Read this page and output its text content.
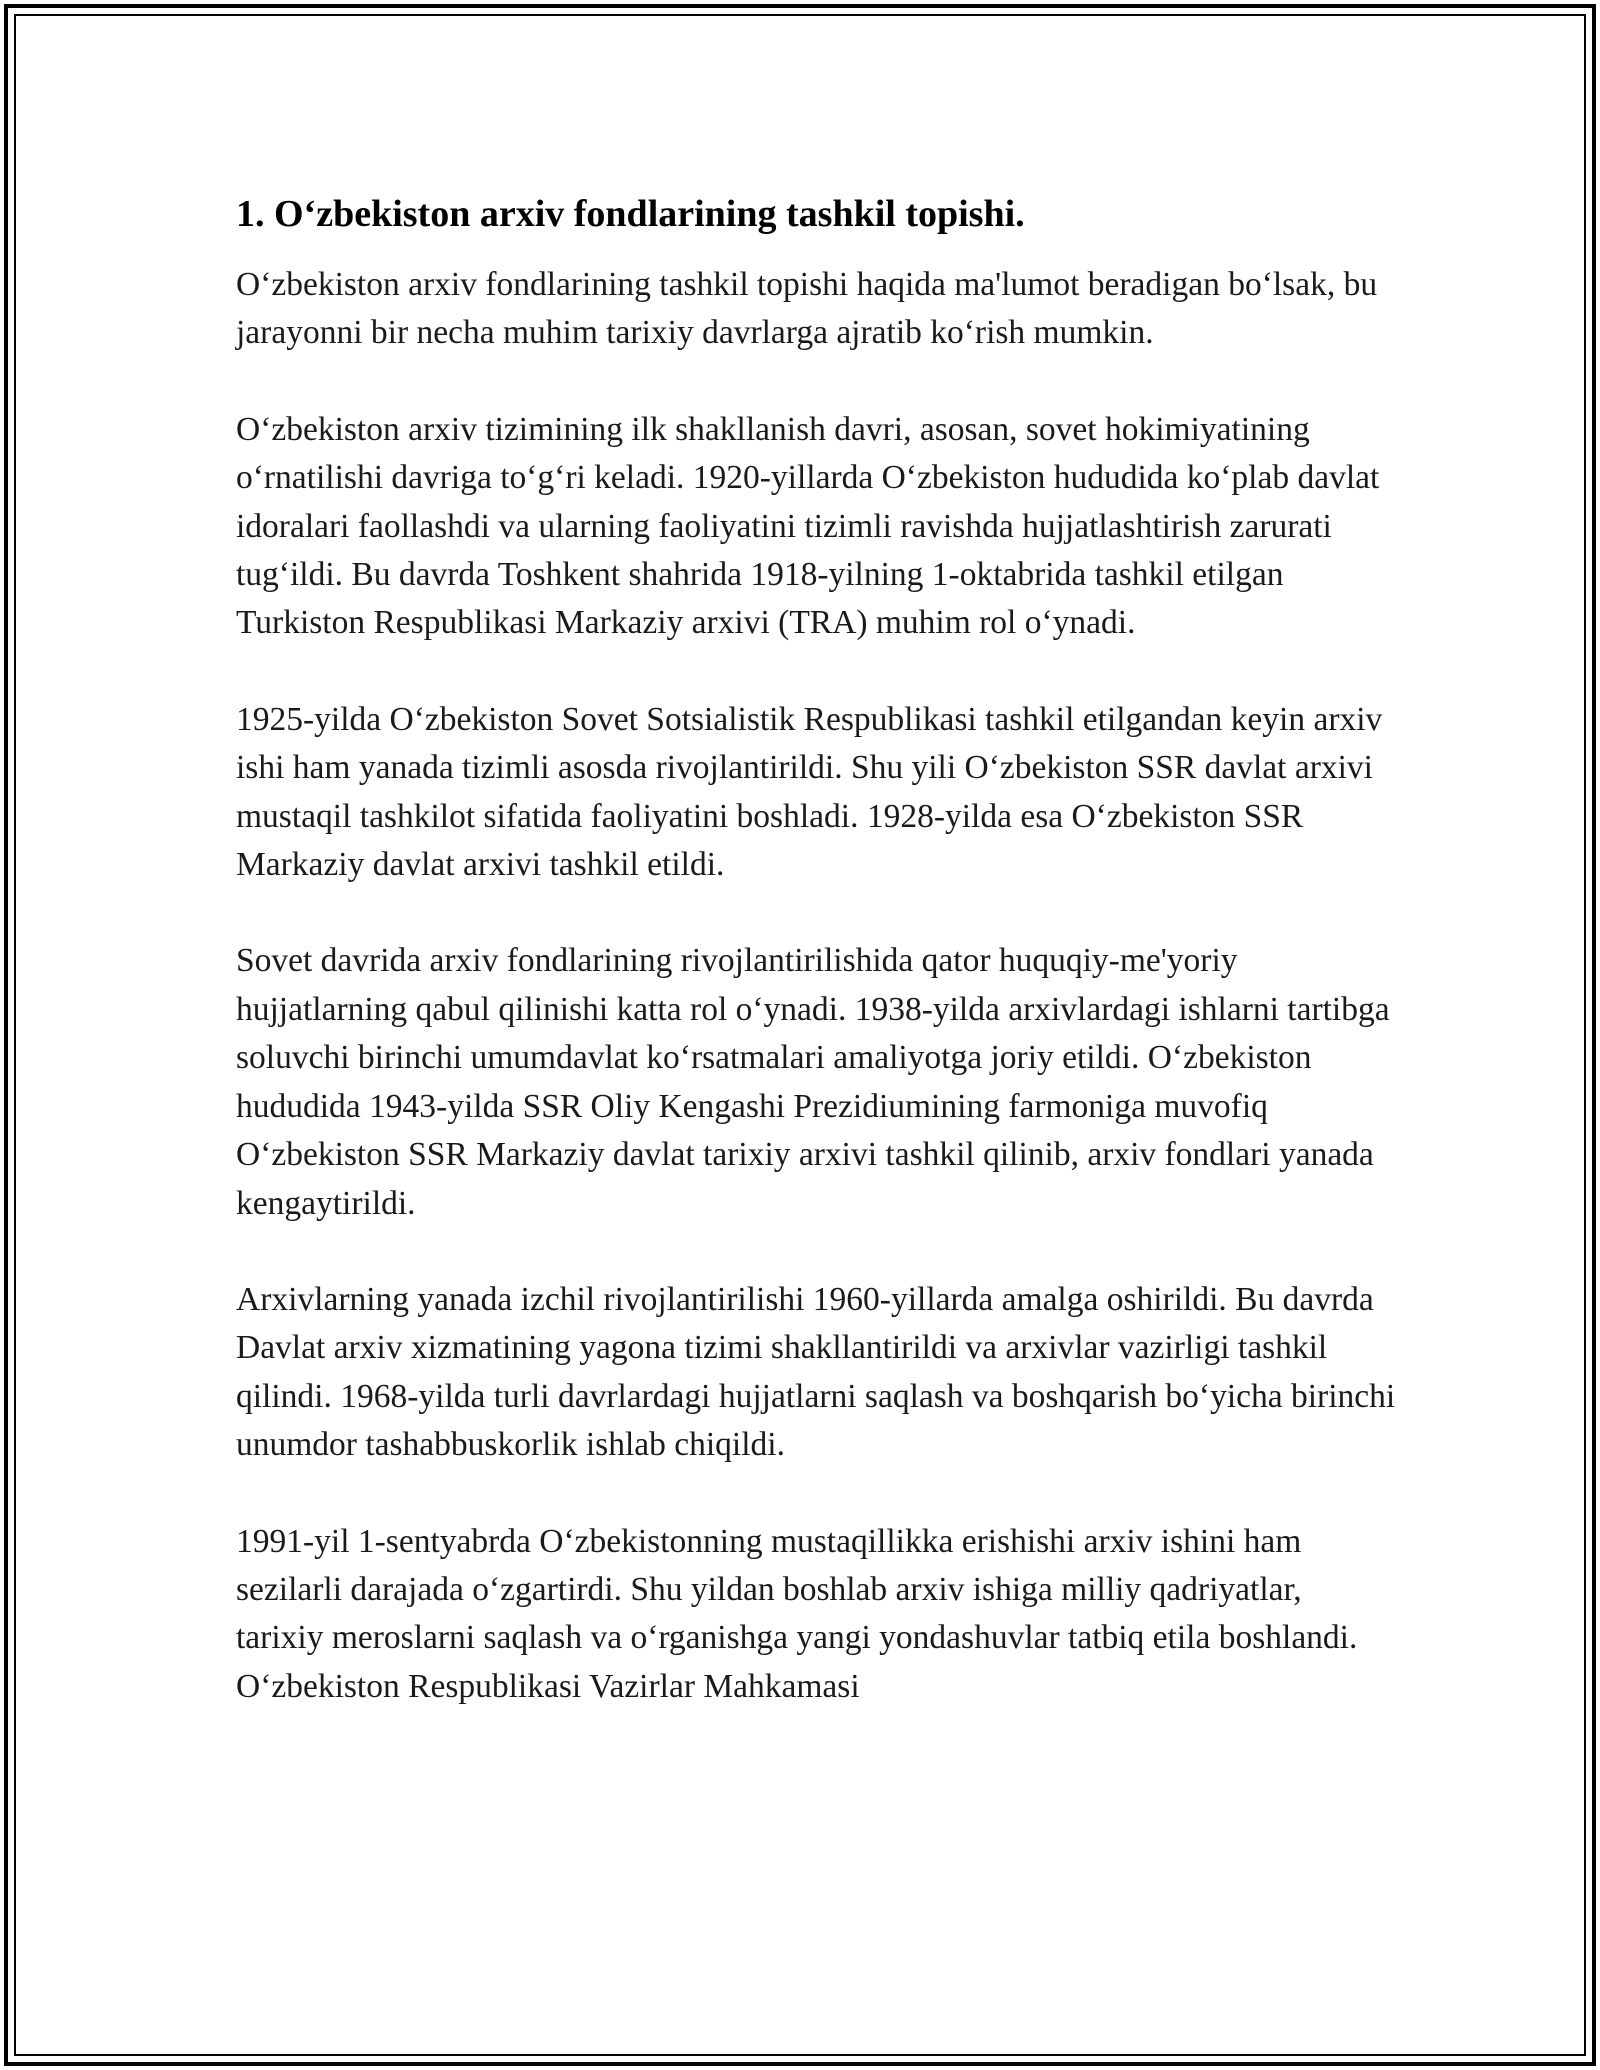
1. O‘zbekiston arxiv fondlarining tashkil topishi.

O‘zbekiston arxiv fondlarining tashkil topishi haqida ma'lumot beradigan bo‘lsak, bu jarayonni bir necha muhim tarixiy davrlarga ajratib ko‘rish mumkin.

O‘zbekiston arxiv tizimining ilk shakllanish davri, asosan, sovet hokimiyatining o‘rnatilishi davriga to‘g‘ri keladi. 1920-yillarda O‘zbekiston hududida ko‘plab davlat idoralari faollashdi va ularning faoliyatini tizimli ravishda hujjatlashtirish zarurati tug‘ildi. Bu davrda Toshkent shahrida 1918-yilning 1-oktabrida tashkil etilgan Turkiston Respublikasi Markaziy arxivi (TRA) muhim rol o‘ynadi.

1925-yilda O‘zbekiston Sovet Sotsialistik Respublikasi tashkil etilgandan keyin arxiv ishi ham yanada tizimli asosda rivojlantirildi. Shu yili O‘zbekiston SSR davlat arxivi mustaqil tashkilot sifatida faoliyatini boshladi. 1928-yilda esa O‘zbekiston SSR Markaziy davlat arxivi tashkil etildi.

Sovet davrida arxiv fondlarining rivojlantirilishida qator huquqiy-me'yoriy hujjatlarning qabul qilinishi katta rol o‘ynadi. 1938-yilda arxivlardagi ishlarni tartibga soluvchi birinchi umumdavlat ko‘rsatmalari amaliyotga joriy etildi. O‘zbekiston hududida 1943-yilda SSR Oliy Kengashi Prezidiumining farmoniga muvofiq O‘zbekiston SSR Markaziy davlat tarixiy arxivi tashkil qilinib, arxiv fondlari yanada kengaytirildi.

Arxivlarning yanada izchil rivojlantirilishi 1960-yillarda amalga oshirildi. Bu davrda Davlat arxiv xizmatining yagona tizimi shakllantirildi va arxivlar vazirligi tashkil qilindi. 1968-yilda turli davrlardagi hujjatlarni saqlash va boshqarish bo‘yicha birinchi unumdor tashabbuskorlik ishlab chiqildi.

1991-yil 1-sentyabrda O‘zbekistonning mustaqillikka erishishi arxiv ishini ham sezilarli darajada o‘zgartirdi. Shu yildan boshlab arxiv ishiga milliy qadriyatlar, tarixiy meroslarni saqlash va o‘rganishga yangi yondashuvlar tatbiq etila boshlandi. O‘zbekiston Respublikasi Vazirlar Mahkamasi
